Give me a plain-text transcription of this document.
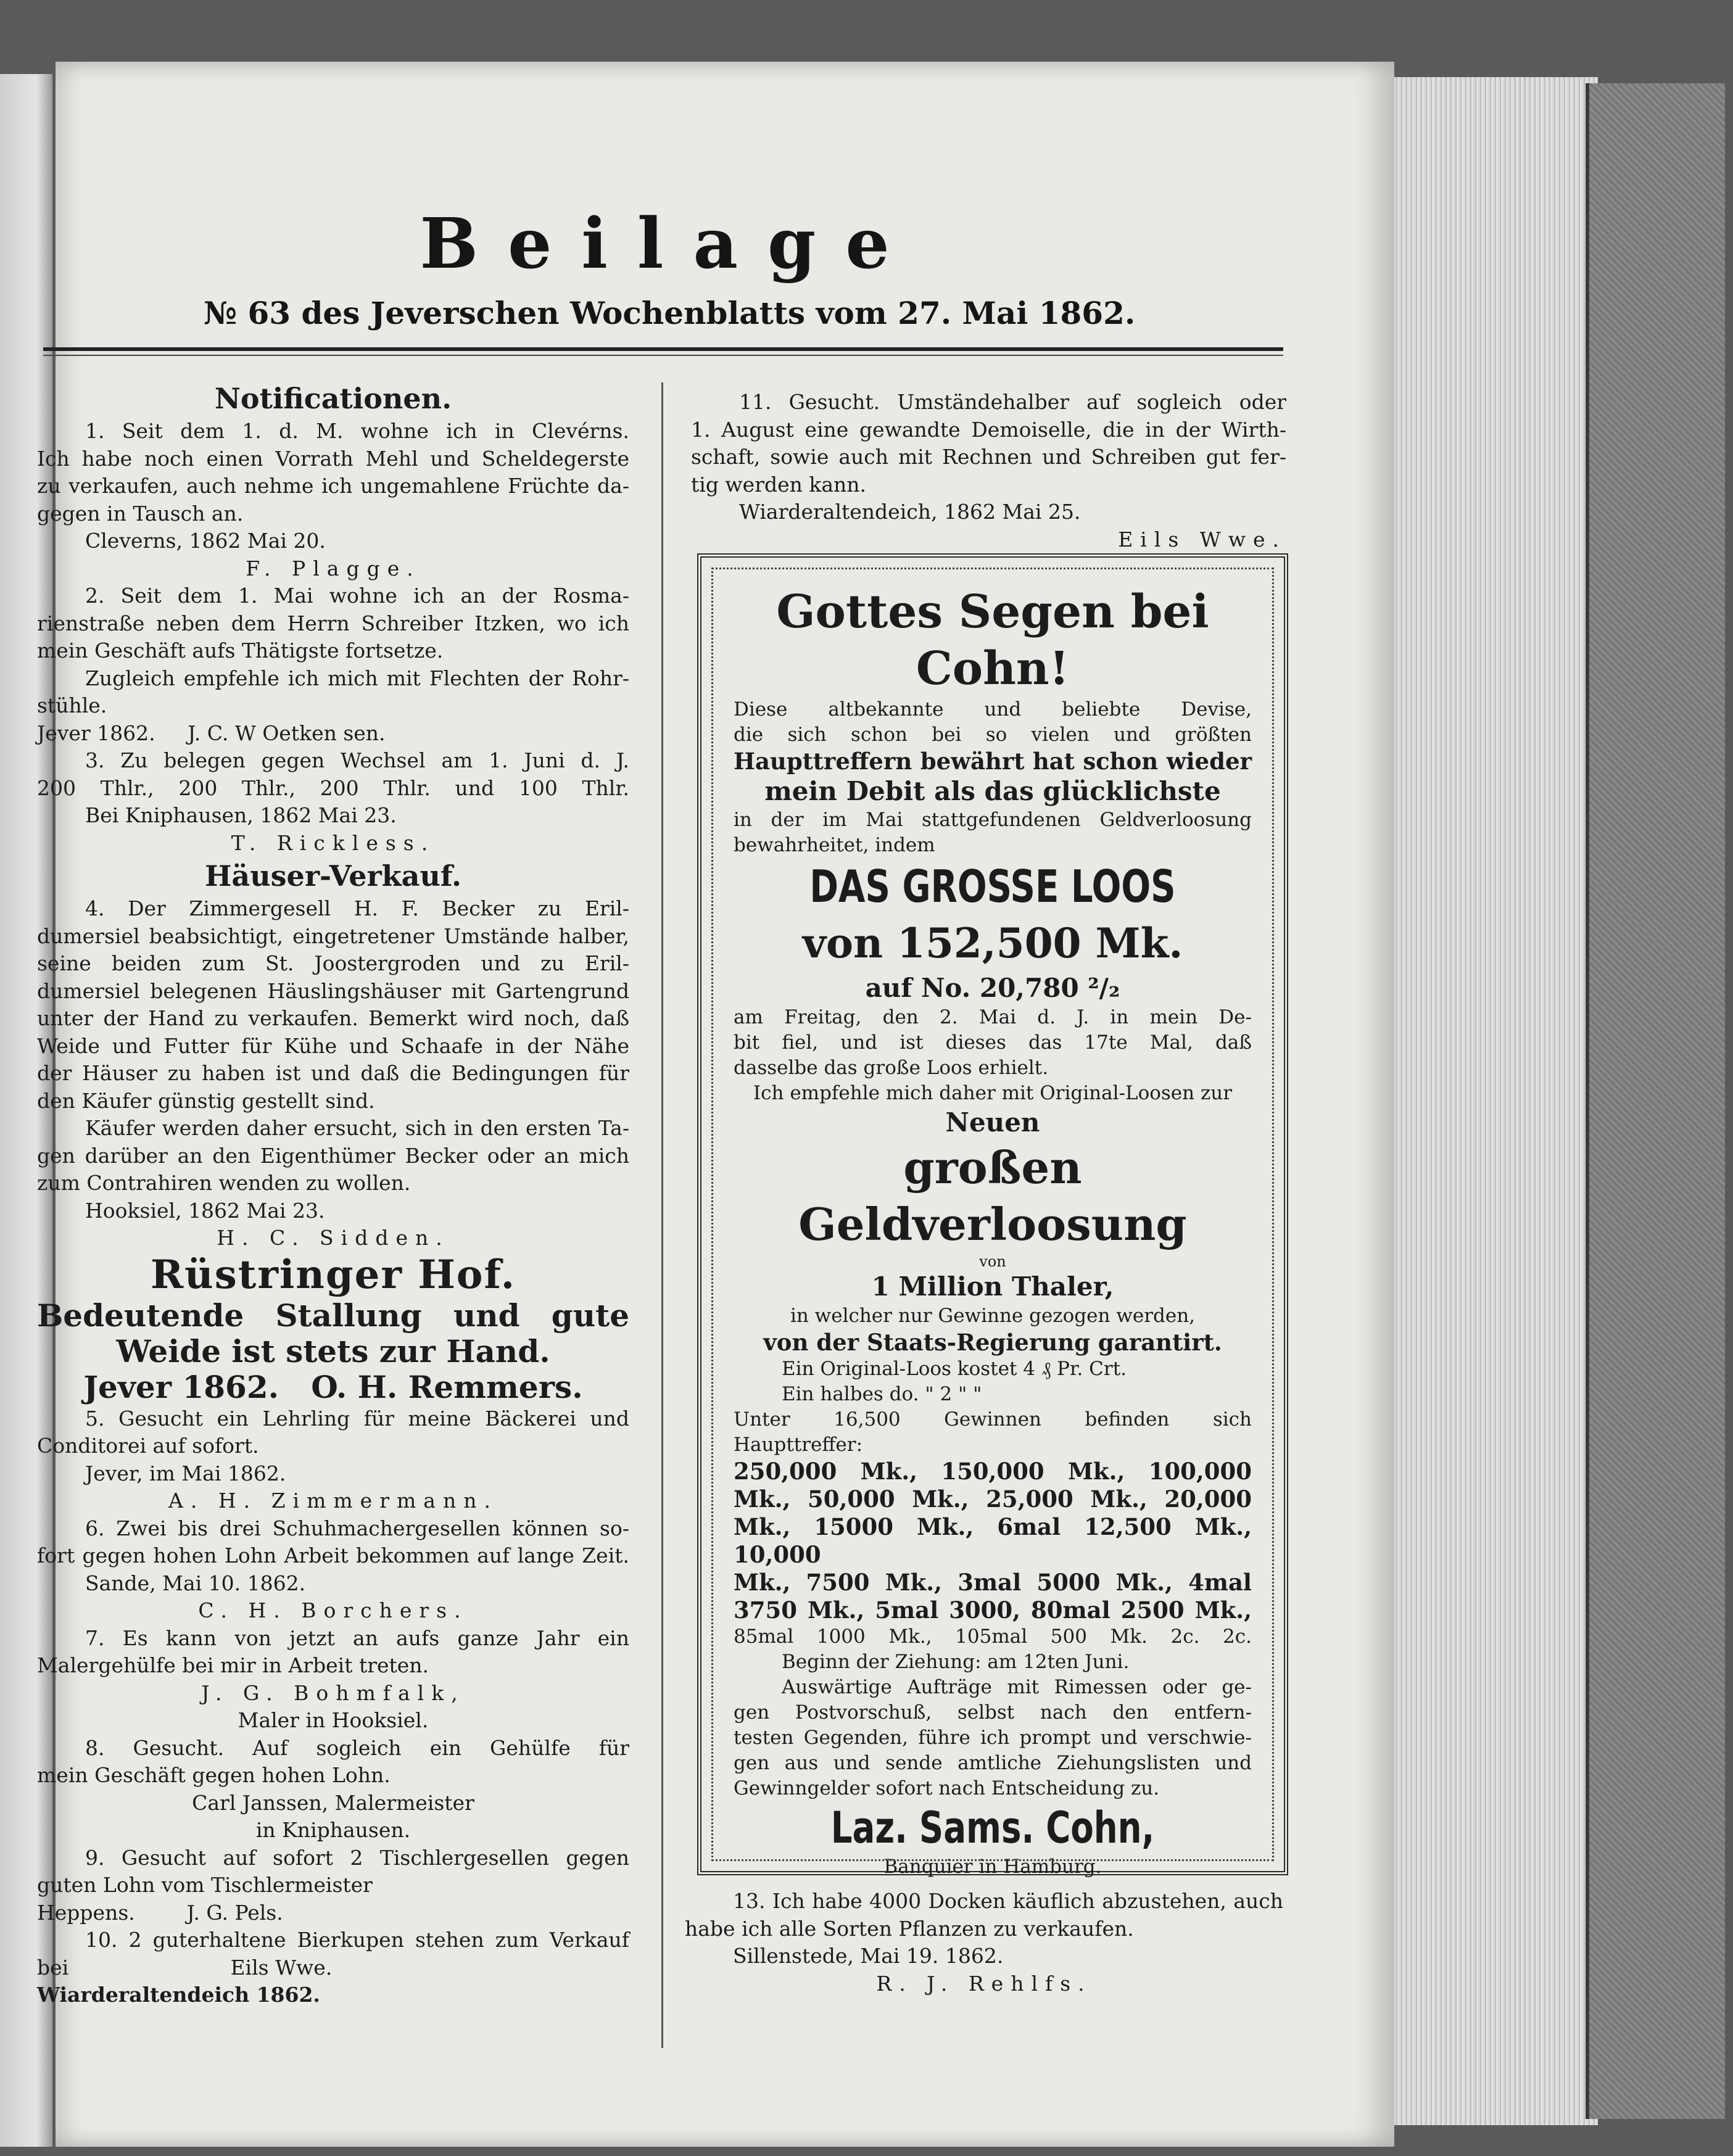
Beilage
№ 63 des Jeverschen Wochenblatts vom 27. Mai 1862.

Notificationen.

1. Seit dem 1. d. M. wohne ich in Clevérns.

Ich habe noch einen Vorrath Mehl und Scheldegerste

zu verkaufen, auch nehme ich ungemahlene Früchte da-

gegen in Tausch an.

Cleverns, 1862 Mai 20.

F. Plagge.

2. Seit dem 1. Mai wohne ich an der Rosma-

rienstraße neben dem Herrn Schreiber Itzken, wo ich

mein Geschäft aufs Thätigste fortsetze.

Zugleich empfehle ich mich mit Flechten der Rohr-

stühle.

Jever 1862.     J. C. W Oetken sen.

3. Zu belegen gegen Wechsel am 1. Juni d. J.

200 Thlr., 200 Thlr., 200 Thlr. und 100 Thlr.

Bei Kniphausen, 1862 Mai 23.

T. Rickless.

Häuser-Verkauf.

4. Der Zimmergesell H. F. Becker zu Eril-

dumersiel beabsichtigt, eingetretener Umstände halber,

seine beiden zum St. Joostergroden und zu Eril-

dumersiel belegenen Häuslingshäuser mit Gartengrund

unter der Hand zu verkaufen. Bemerkt wird noch, daß

Weide und Futter für Kühe und Schaafe in der Nähe

der Häuser zu haben ist und daß die Bedingungen für

den Käufer günstig gestellt sind.

Käufer werden daher ersucht, sich in den ersten Ta-

gen darüber an den Eigenthümer Becker oder an mich

zum Contrahiren wenden zu wollen.

Hooksiel, 1862 Mai 23.

H. C. Sidden.

Rüstringer Hof.

Bedeutende Stallung und gute

Weide ist stets zur Hand.

Jever 1862.   O. H. Remmers.

5. Gesucht ein Lehrling für meine Bäckerei und

Conditorei auf sofort.

Jever, im Mai 1862.

A. H. Zimmermann.

6. Zwei bis drei Schuhmachergesellen können so-

fort gegen hohen Lohn Arbeit bekommen auf lange Zeit.

Sande, Mai 10. 1862.

C. H. Borchers.

7. Es kann von jetzt an aufs ganze Jahr ein

Malergehülfe bei mir in Arbeit treten.

J. G. Bohmfalk,

Maler in Hooksiel.

8. Gesucht. Auf sogleich ein Gehülfe für

mein Geschäft gegen hohen Lohn.

Carl Janssen, Malermeister

in Kniphausen.

9. Gesucht auf sofort 2 Tischlergesellen gegen

guten Lohn vom Tischlermeister

Heppens.        J. G. Pels.

10. 2 guterhaltene Bierkupen stehen zum Verkauf

bei                         Eils Wwe.

Wiarderaltendeich 1862.

11. Gesucht. Umständehalber auf sogleich oder

1. August eine gewandte Demoiselle, die in der Wirth-

schaft, sowie auch mit Rechnen und Schreiben gut fer-

tig werden kann.

Wiarderaltendeich, 1862 Mai 25.

Eils Wwe.

Gottes Segen bei Cohn!

Diese altbekannte und beliebte Devise,

die sich schon bei so vielen und größten

Haupttreffern bewährt hat schon wieder

mein Debit als das glücklichste

in der im Mai stattgefundenen Geldverloosung

bewahrheitet, indem

DAS GROSSE LOOS

von 152,500 Mk.

auf No. 20,780 ²/₂

am Freitag, den 2. Mai d. J. in mein De-

bit fiel, und ist dieses das 17te Mal, daß

dasselbe das große Loos erhielt.

Ich empfehle mich daher mit Original-Loosen zur

Neuen

großen Geldverloosung

von

1 Million Thaler,

in welcher nur Gewinne gezogen werden,

von der Staats-Regierung garantirt.

Ein Original-Loos kostet 4 ₰ Pr. Crt.

Ein halbes do. " 2 " "

Unter 16,500 Gewinnen befinden sich

Haupttreffer:

250,000 Mk., 150,000 Mk., 100,000

Mk., 50,000 Mk., 25,000 Mk., 20,000

Mk., 15000 Mk., 6mal 12,500 Mk., 10,000

Mk., 7500 Mk., 3mal 5000 Mk., 4mal

3750 Mk., 5mal 3000, 80mal 2500 Mk.,

85mal 1000 Mk., 105mal 500 Mk. 2c. 2c.

Beginn der Ziehung: am 12ten Juni.

Auswärtige Aufträge mit Rimessen oder ge-

gen Postvorschuß, selbst nach den entfern-

testen Gegenden, führe ich prompt und verschwie-

gen aus und sende amtliche Ziehungslisten und

Gewinngelder sofort nach Entscheidung zu.

Laz. Sams. Cohn,

Banquier in Hamburg.

13. Ich habe 4000 Docken käuflich abzustehen, auch

habe ich alle Sorten Pflanzen zu verkaufen.

Sillenstede, Mai 19. 1862.

R. J. Rehlfs.
